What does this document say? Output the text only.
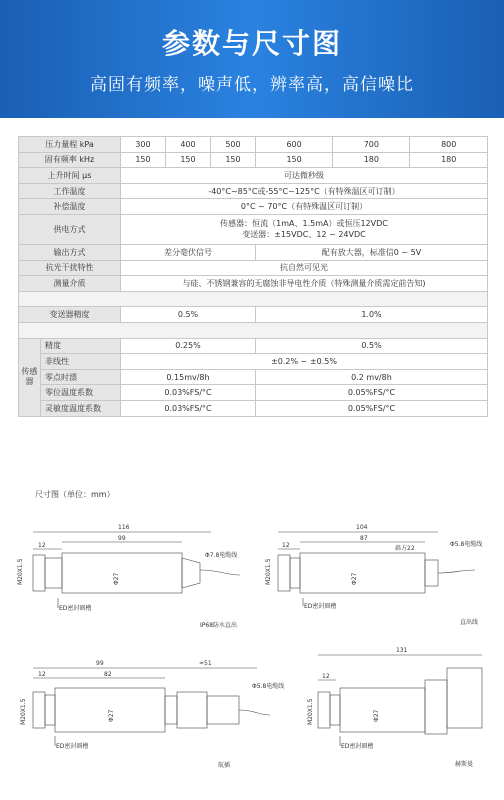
参数与尺寸图
高固有频率，噪声低，辨率高，高信噪比
压力量程 kPa		300	400	500	600	700	800
固有频率 kHz		150	150	150	150	180	180
上升时间 μs		可达微秒级					
工作温度		-40°C~85°C或-55°C~125°C（有特殊温区可订制）					
补偿温度		0°C ~ 70°C（有特殊温区可订制）					
供电方式		传感器：恒流（1mA、1.5mA）或恒压12VDC
变送器：±15VDC、12 ~ 24VDC					

输出方式		差分毫伏信号			配有放大器，标准信0 ~ 5V		
抗光干扰特性		抗自然可见光					
测量介质		与硅、不锈钢兼容的无腐蚀非导电性介质（特殊测量介质需定前告知)					

变送器精度		0.5%			1.0%		

传感器	精度	0.25%			0.5%		
	非线性	±0.2% ~ ±0.5%					
	零点时漂	0.15mv/8h			0.2 mv/8h		
	零位温度系数	0.03%FS/°C			0.05%FS/°C		
	灵敏度温度系数	0.03%FS/°C			0.05%FS/°C		
尺寸图（单位：mm）
116
99
12
M20X1.5	Φ27
Φ7.8电缆线
ED密封圈槽
IP68防水直出
104
87
12
M20X1.5	Φ27
扁方22
Φ5.8电缆线
ED密封圈槽
直出线
99	≈51
12	82
M20X1.5	Φ27
Φ5.8电缆线
ED密封圈槽
航插
131
12
M20X1.5	Φ27
ED密封圈槽
赫斯曼
